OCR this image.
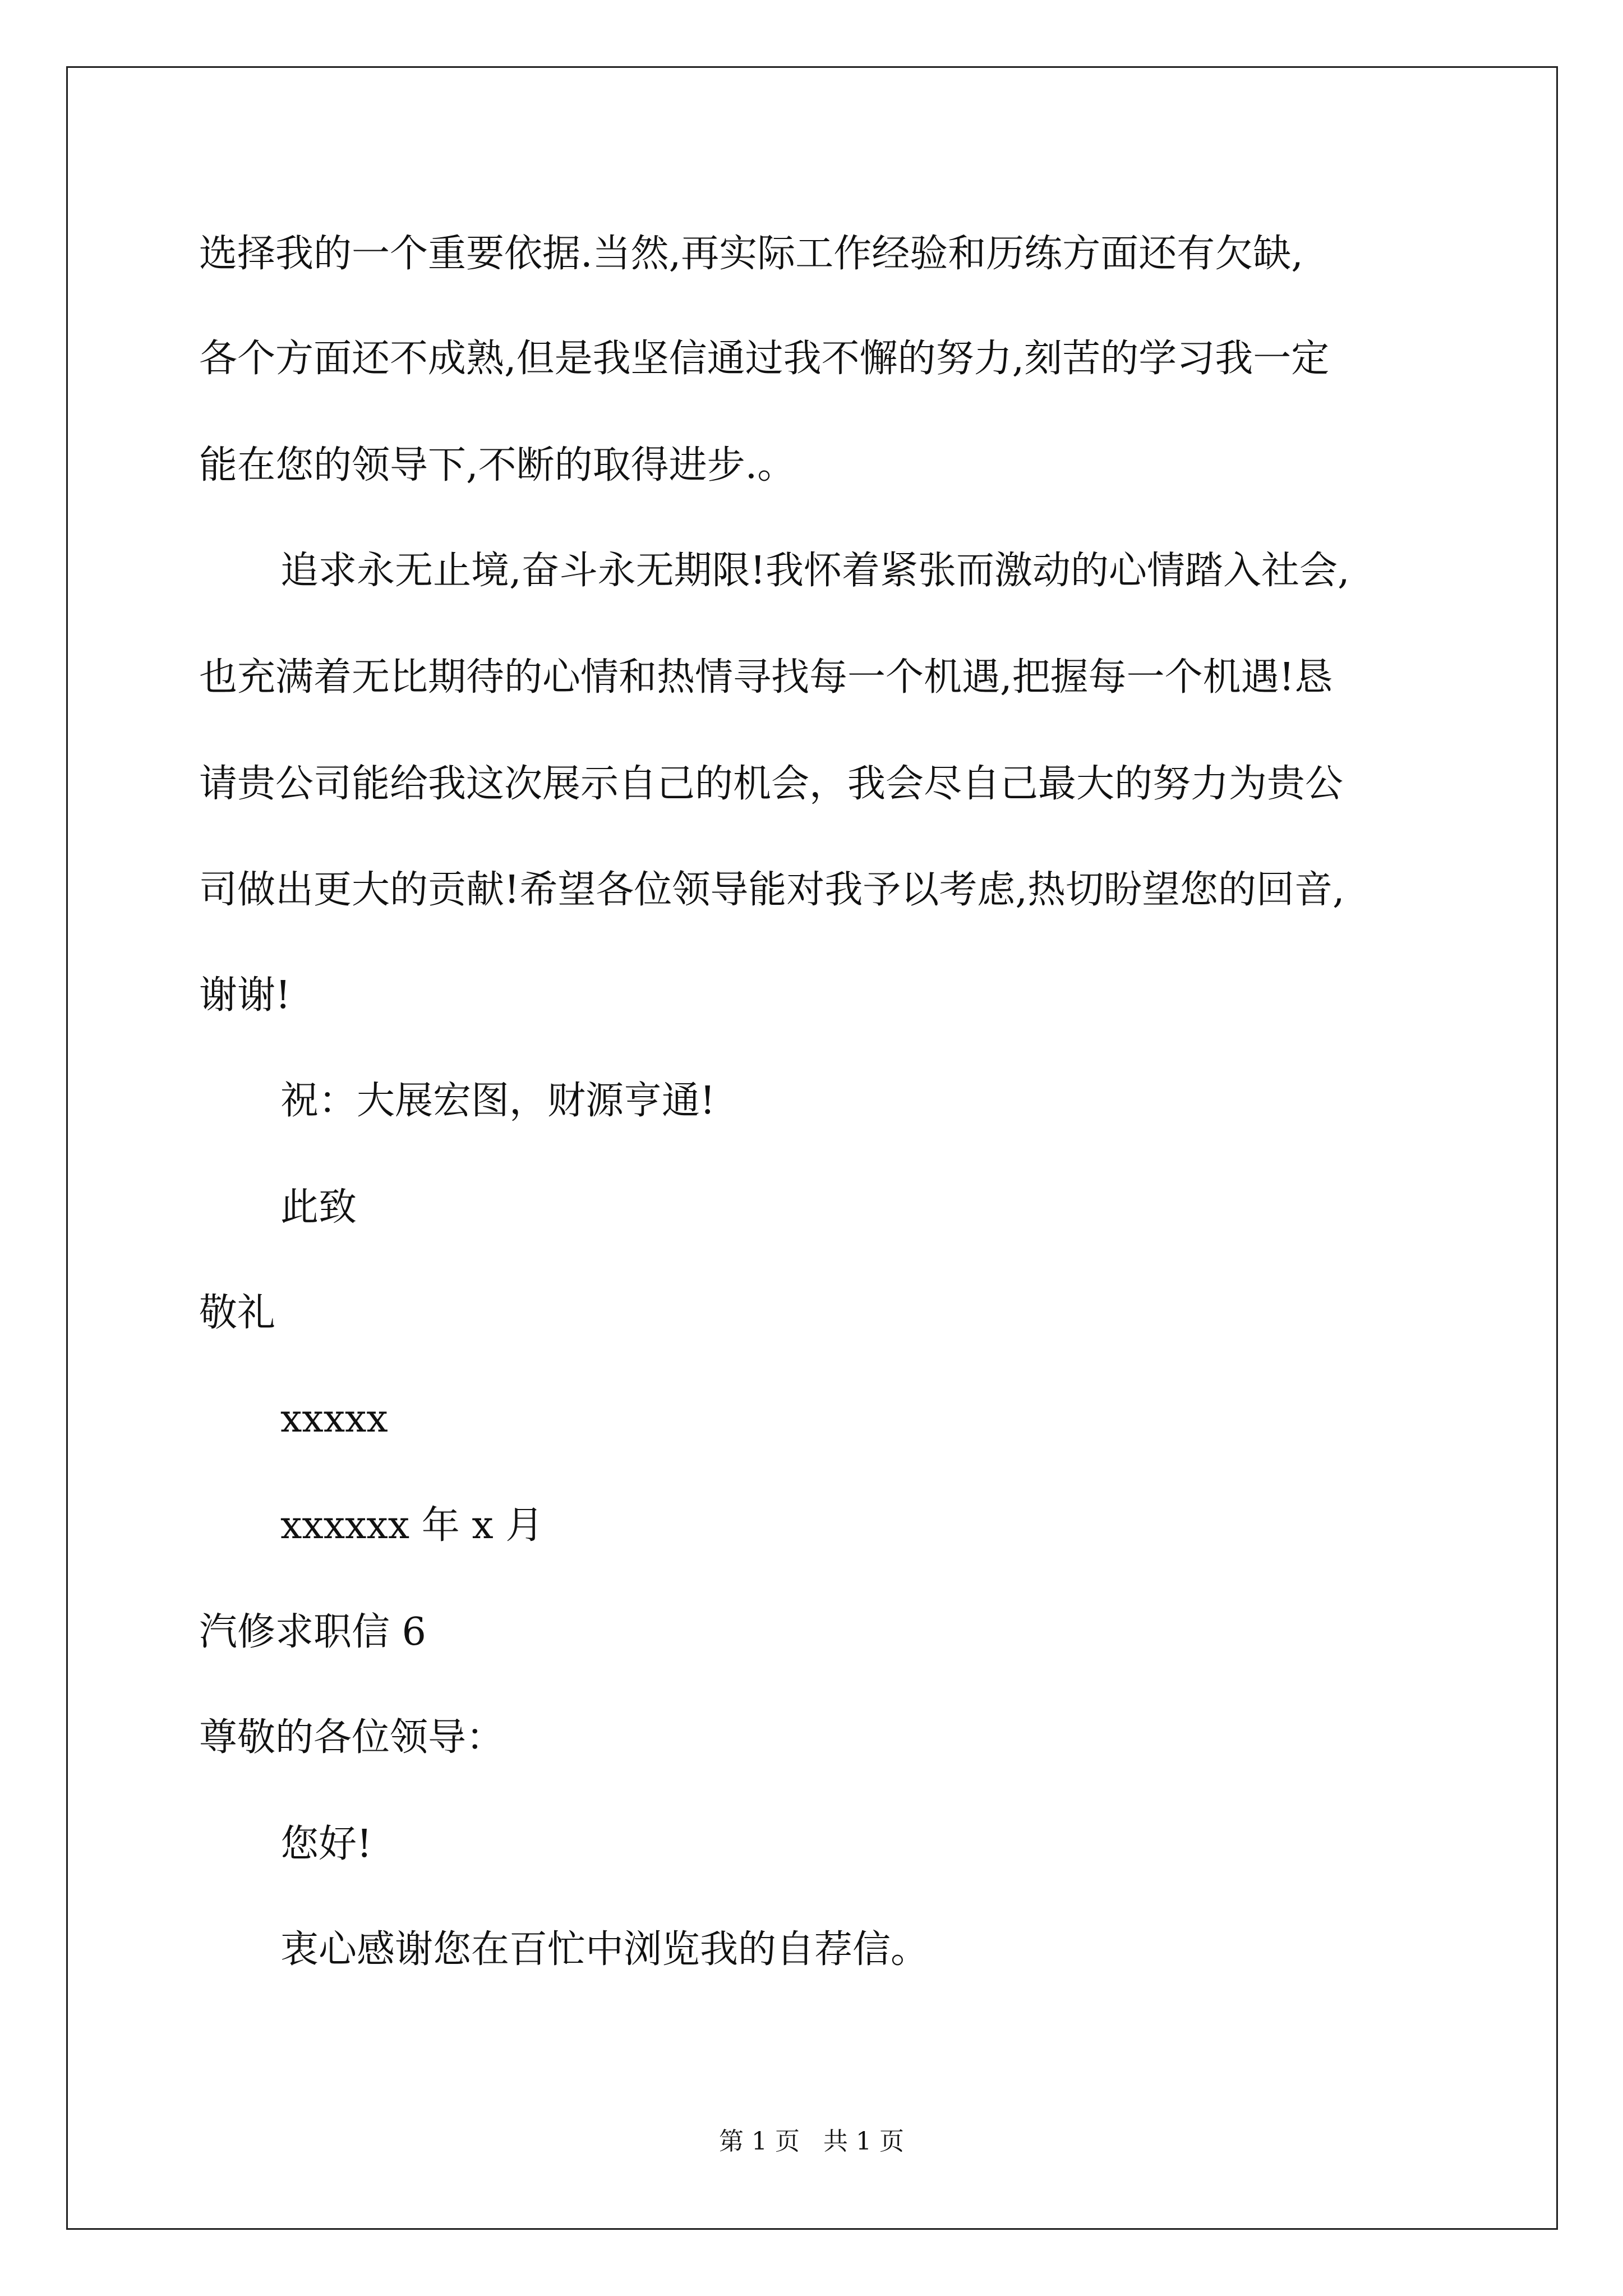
选择我的一个重要依据.当然,再实际工作经验和历练方面还有欠缺,
各个方面还不成熟,但是我坚信通过我不懈的努力,刻苦的学习我一定
能在您的领导下,不断的取得进步.。
追求永无止境,奋斗永无期限!我怀着紧张而激动的心情踏入社会,
也充满着无比期待的心情和热情寻找每一个机遇,把握每一个机遇!恳
请贵公司能给我这次展示自己的机会，我会尽自己最大的努力为贵公
司做出更大的贡献!希望各位领导能对我予以考虑,热切盼望您的回音,
谢谢!
祝：大展宏图，财源亨通!
此致
敬礼
xxxxx
xxxxxx 年 x 月
汽修求职信 6
尊敬的各位领导：
您好!
衷心感谢您在百忙中浏览我的自荐信。
第 1 页 共 1 页
